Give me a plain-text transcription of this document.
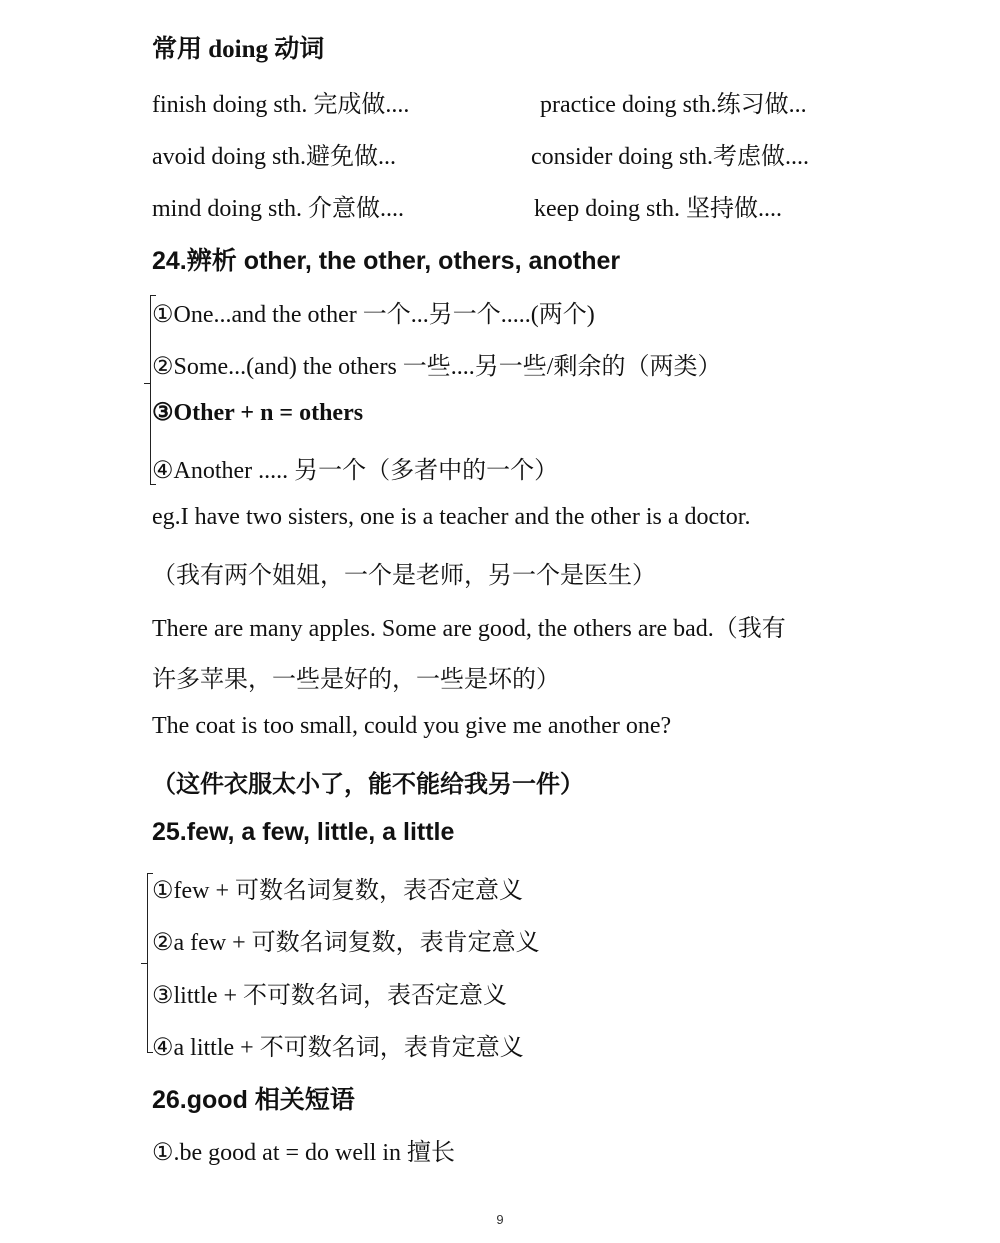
常用 doing 动词
finish doing sth. 完成做....	practice doing sth.练习做...
avoid doing sth.避免做...	consider doing sth.考虑做....
mind doing sth. 介意做....	keep doing sth. 坚持做....
24.辨析 other, the other, others, another
①One...and the other 一个...另一个.....(两个)
②Some...(and) the others 一些....另一些/剩余的（两类）
③Other + n = others
④Another ..... 另一个（多者中的一个）
eg.I have two sisters, one is a teacher and the other is a doctor.
（我有两个姐姐，一个是老师，另一个是医生）
There are many apples. Some are good, the others are bad.（我有
许多苹果，一些是好的，一些是坏的）
The coat is too small, could you give me another one?
（这件衣服太小了，能不能给我另一件）
25.few, a few, little, a little
①few + 可数名词复数，表否定意义
②a few + 可数名词复数，表肯定意义
③little + 不可数名词，表否定意义
④a little + 不可数名词，表肯定意义
26.good 相关短语
①.be good at = do well in 擅长
9
